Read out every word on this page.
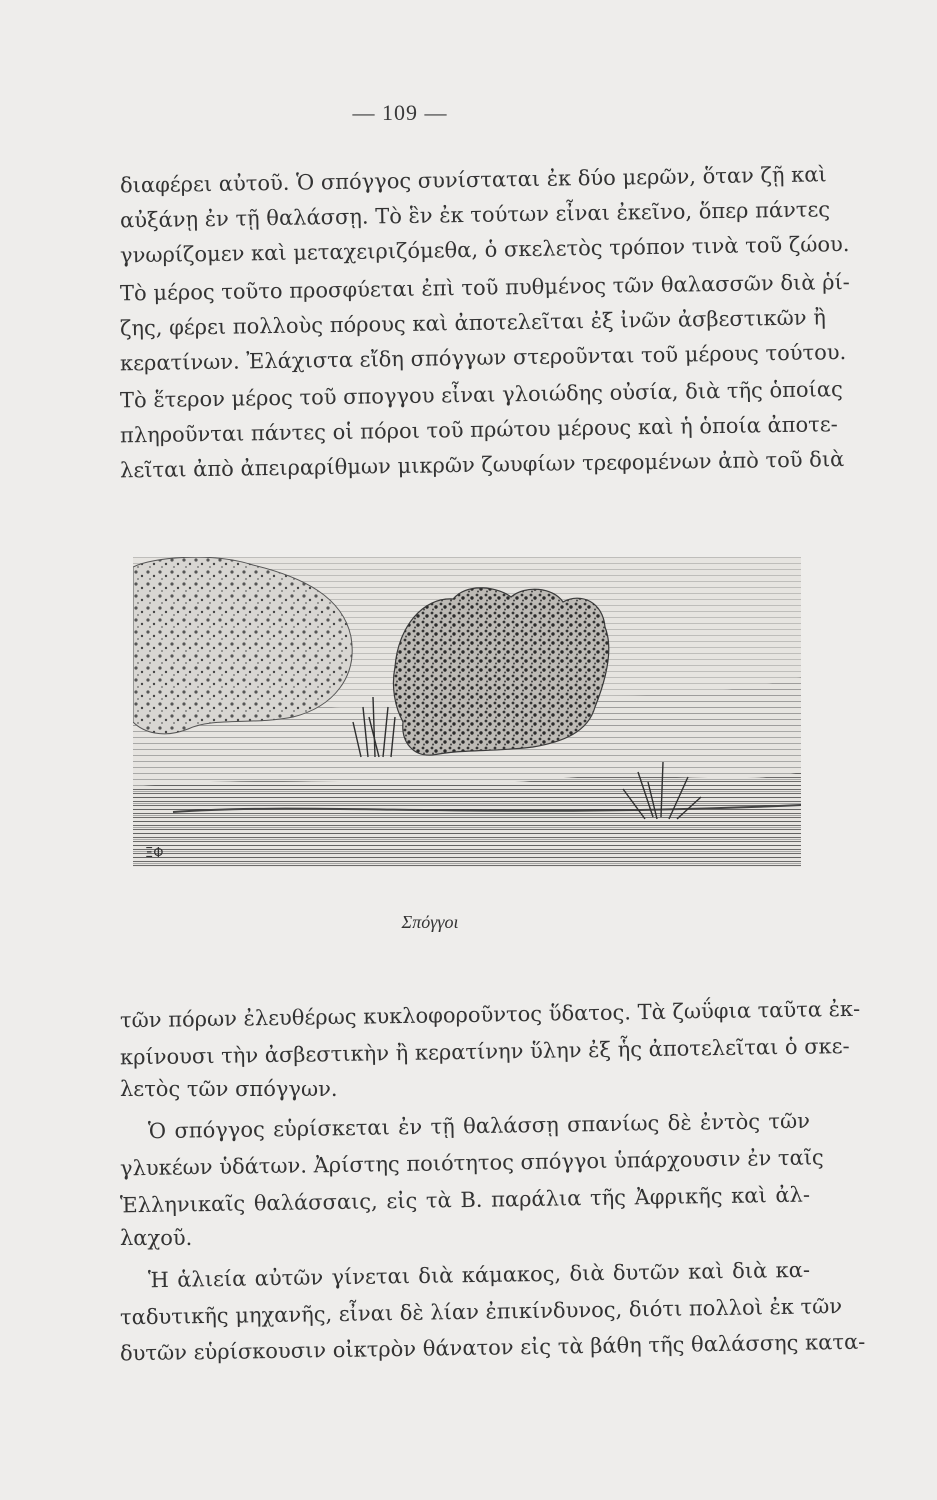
— 109 —
διαφέρει αὐτοῦ. Ὁ σπόγγος συνίσταται ἐκ δύο μερῶν, ὅταν ζῇ καὶ
αὐξάνῃ ἐν τῇ θαλάσσῃ. Τὸ ἓν ἐκ τούτων εἶναι ἐκεῖνο, ὅπερ πάντες
γνωρίζομεν καὶ μεταχειριζόμεθα, ὁ σκελετὸς τρόπον τινὰ τοῦ ζώου.
Τὸ μέρος τοῦτο προσφύεται ἐπὶ τοῦ πυθμένος τῶν θαλασσῶν διὰ ῥί-
ζης, φέρει πολλοὺς πόρους καὶ ἀποτελεῖται ἐξ ἰνῶν ἀσβεστικῶν ἢ
κερατίνων. Ἐλάχιστα εἴδη σπόγγων στεροῦνται τοῦ μέρους τούτου.
Τὸ ἕτερον μέρος τοῦ σπογγου εἶναι γλοιώδης οὐσία, διὰ τῆς ὁποίας
πληροῦνται πάντες οἱ πόροι τοῦ πρώτου μέρους καὶ ἡ ὁποία ἀποτε-
λεῖται ἀπὸ ἀπειραρίθμων μικρῶν ζωυφίων τρεφομένων ἀπὸ τοῦ διὰ
ΞΦ
Σπόγγοι
τῶν πόρων ἐλευθέρως κυκλοφοροῦντος ὕδατος. Τὰ ζωΰφια ταῦτα ἐκ-
κρίνουσι τὴν ἀσβεστικὴν ἢ κερατίνην ὕλην ἐξ ἧς ἀποτελεῖται ὁ σκε-
λετὸς τῶν σπόγγων.
Ὁ σπόγγος εὑρίσκεται ἐν τῇ θαλάσσῃ σπανίως δὲ ἐντὸς τῶν
γλυκέων ὑδάτων. Ἀρίστης ποιότητος σπόγγοι ὑπάρχουσιν ἐν ταῖς
Ἑλληνικαῖς θαλάσσαις, εἰς τὰ Β. παράλια τῆς Ἀφρικῆς καὶ ἀλ-
λαχοῦ.
Ἡ ἁλιεία αὐτῶν γίνεται διὰ κάμακος, διὰ δυτῶν καὶ διὰ κα-
ταδυτικῆς μηχανῆς, εἶναι δὲ λίαν ἐπικίνδυνος, διότι πολλοὶ ἐκ τῶν
δυτῶν εὑρίσκουσιν οἰκτρὸν θάνατον εἰς τὰ βάθη τῆς θαλάσσης κατα-
